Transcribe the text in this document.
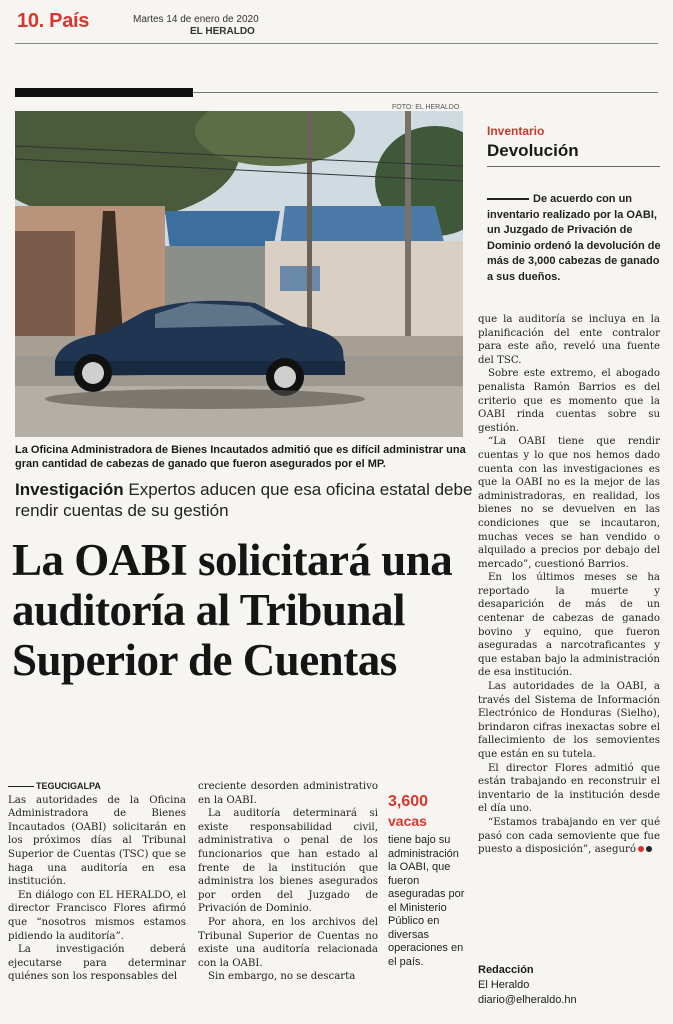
10. País	Martes 14 de enero de 2020
EL HERALDO
FOTO: EL HERALDO
La Oficina Administradora de Bienes Incautados admitió que es difícil administrar una gran cantidad de cabezas de ganado que fueron asegurados por el MP.
Investigación Expertos aducen que esa oficina estatal debe rendir cuentas de su gestión
La OABI solicitará una auditoría al Tribunal Superior de Cuentas

TEGUCIGALPA

Las autoridades de la Oficina Administradora de Bienes Incautados (OABI) solicitarán en los próximos días al Tribunal Superior de Cuentas (TSC) que se haga una auditoría en esa institución.

En diálogo con EL HERALDO, el director Francisco Flores afirmó que “nosotros mismos estamos pidiendo la auditoría”.

La investigación deberá ejecutarse para determinar quiénes son los responsables del

creciente desorden administrativo en la OABI.

La auditoría determinará si existe responsabilidad civil, administrativa o penal de los funcionarios que han estado al frente de la institución que administra los bienes asegurados por orden del Juzgado de Privación de Dominio.

Por ahora, en los archivos del Tribunal Superior de Cuentas no existe una auditoría relacionada con la OABI.

Sin embargo, no se descarta

3,600
vacas
tiene bajo su administración la OABI, que fueron aseguradas por el Ministerio Público en diversas operaciones en el país.
Inventario
Devolución
De acuerdo con un inventario realizado por la OABI, un Juzgado de Privación de Dominio ordenó la devolución de más de 3,000 cabezas de ganado a sus dueños.

que la auditoría se incluya en la planificación del ente contralor para este año, reveló una fuente del TSC.

Sobre este extremo, el abogado penalista Ramón Barrios es del criterio que es momento que la OABI rinda cuentas sobre su gestión.

“La OABI tiene que rendir cuentas y lo que nos hemos dado cuenta con las investigaciones es que la OABI no es la mejor de las administradoras, en realidad, los bienes no se devuelven en las condiciones que se incautaron, muchas veces se han vendido o alquilado a precios por debajo del mercado”, cuestionó Barrios.

En los últimos meses se ha reportado la muerte y desaparición de más de un centenar de cabezas de ganado bovino y equino, que fueron aseguradas a narcotraficantes y que estaban bajo la administración de esa institución.

Las autoridades de la OABI, a través del Sistema de Información Electrónico de Honduras (Sielho), brindaron cifras inexactas sobre el fallecimiento de los semovientes que están en su tutela.

El director Flores admitió que están trabajando en reconstruir el inventario de la institución desde el día uno.

“Estamos trabajando en ver qué pasó con cada semoviente que fue puesto a disposición”, aseguró

Redacción
El Heraldo
diario@elheraldo.hn
